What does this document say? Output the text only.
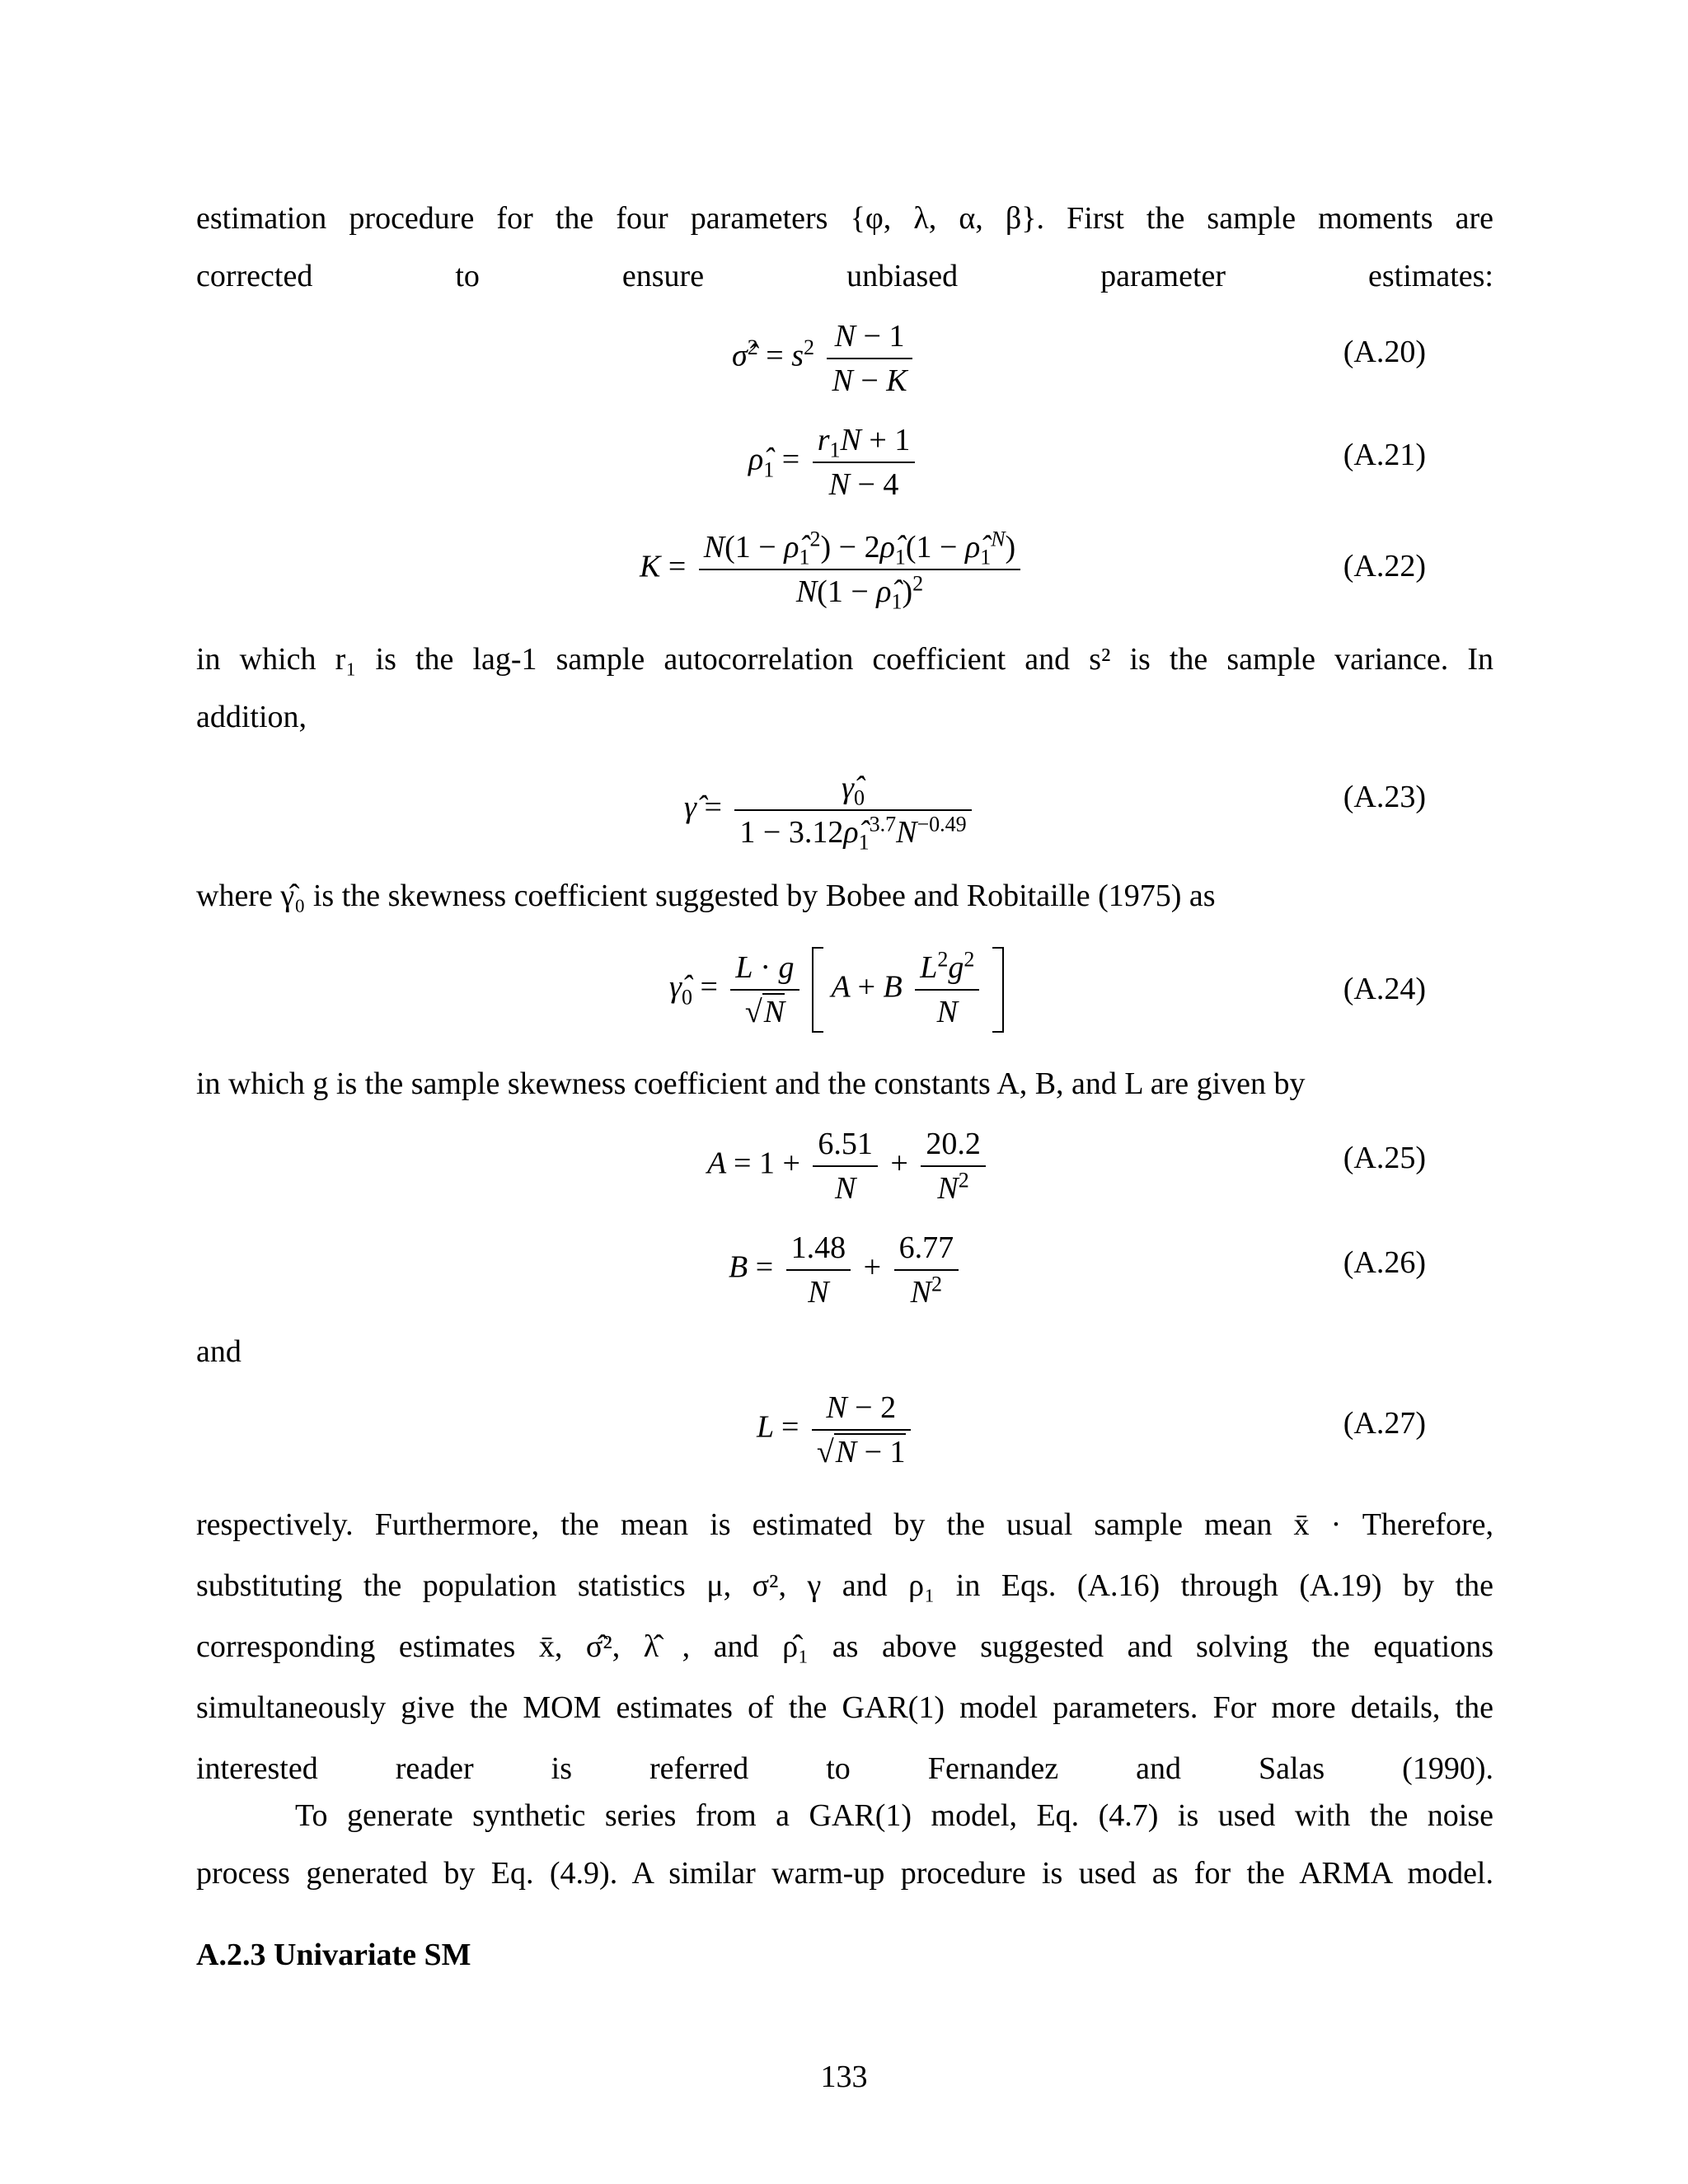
estimation procedure for the four parameters {φ, λ, α, β}. First the sample moments are
corrected to ensure unbiased parameter estimates:
σ̂$^2$ = $s^2 \frac{N - 1}{N - K}$	(A.20)
$\rhô_1 = \frac{r_1N + 1}{N - 4}$	(A.21)
$K = \frac{N(1 - \rhô_1^2) - 2\rhô_1(1 - \rhô_1^N)}{N(1 - \rhô_1)^2}$	(A.22)
in which r₁ is the lag-1 sample autocorrelation coefficient and s² is the sample variance. In
addition,
γ̂ = $\frac{\gammâ_0}{1 - 3.12\rhô_1^{3.7}N^{-0.49}}$	(A.23)
where γ̂₀ is the skewness coefficient suggested by Bobee and Robitaille (1975) as
$\gammâ_0 = \frac{L \cdot g}{√N}$ A + B $\frac{L^2g^2}{N}$
	(A.24)
in which g is the sample skewness coefficient and the constants A, B, and L are given by
$A = 1 + \frac{6.51}{N} + \frac{20.2}{N^2}$	(A.25)
$B = \frac{1.48}{N} + \frac{6.77}{N^2}$	(A.26)
and
$L = \frac{N - 2}{√N - 1}$	(A.27)
respectively. Furthermore, the mean is estimated by the usual sample mean x̄ · Therefore,
substituting the population statistics μ, σ², γ and ρ₁ in Eqs. (A.16) through (A.19) by the
corresponding estimates x̄, σ̂², λ̂ , and ρ̂₁ as above suggested and solving the equations
simultaneously give the MOM estimates of the GAR(1) model parameters. For more details, the
interested reader is referred to Fernandez and Salas (1990).
To generate synthetic series from a GAR(1) model, Eq. (4.7) is used with the noise
process generated by Eq. (4.9). A similar warm-up procedure is used as for the ARMA model.
A.2.3 Univariate SM
133
